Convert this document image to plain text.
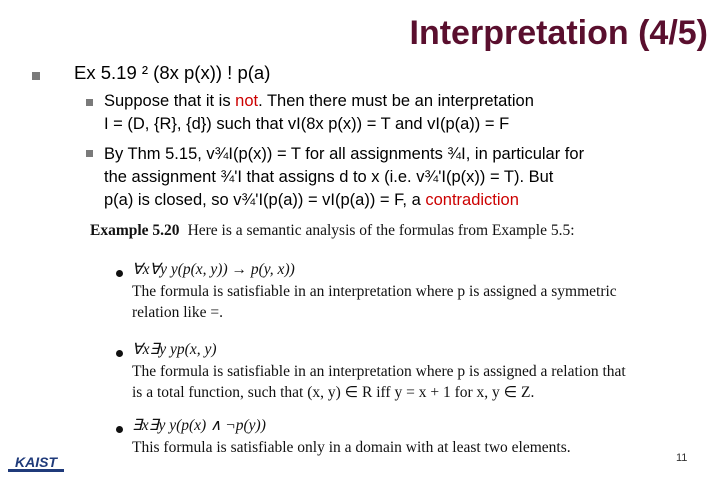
Interpretation (4/5)
Ex 5.19 ² (8x p(x)) ! p(a)
Suppose that it is not. Then there must be an interpretation
I = (D, {R}, {d}) such that vI(8x p(x)) = T and vI(p(a)) = F
By Thm 5.15, v¾I(p(x)) = T for all assignments ¾I, in particular for
the assignment ¾'I that assigns d to x (i.e. v¾'I(p(x)) = T). But
p(a) is closed, so v¾'I(p(a)) = vI(p(a)) = F, a contradiction
Example 5.20 Here is a semantic analysis of the formulas from Example 5.5:
∀x∀y y(p(x, y)) → p(y, x))
The formula is satisfiable in an interpretation where p is assigned a symmetric
relation like =.
∀x∃y yp(x, y)
The formula is satisfiable in an interpretation where p is assigned a relation that
is a total function, such that (x, y) ∈ R iff y = x + 1 for x, y ∈ Z.
∃x∃y y(p(x) ∧ ¬p(y))
This formula is satisfiable only in a domain with at least two elements.
KAIST	11
